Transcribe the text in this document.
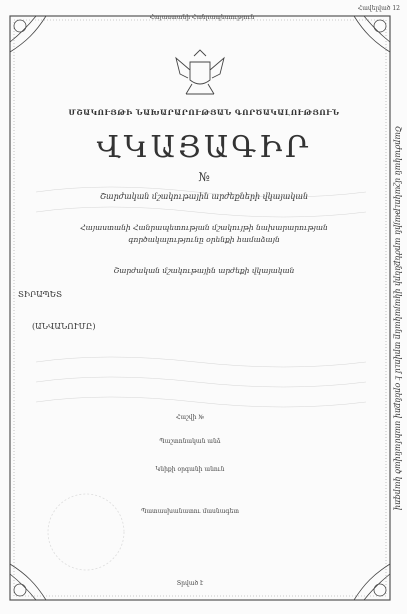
Հայաստանի Հանրապետություն
Հավելված 12
ՄՇԱԿՈՒՅԹԻ ՆԱԽԱՐԱՐՈՒԹՅԱՆ ԳՈՐԾԱԿԱԼՈՒԹՅՈՒՆ
ՎԿԱՅԱԳԻՐ
№
Շարժական մշակութային արժեքների վկայական
Հայաստանի Հանրապետության մշակույթի նախարարության
գործակալությունը օրենքի համաձայն
Շարժական մշակութային արժեքի վկայական
ՏԻՐԱՊԵՏ
(ԱՆՎԱՆՈՒՄԸ)
Հաշվի №
Պաշտոնական անձ
Կնիքի օրգանի անուն
Պատասխանատու մասնագետ
Տրված է
Շարժական մշակութային արժեքների վկայականը տրվում է օրենքով սահմանված կարգով
